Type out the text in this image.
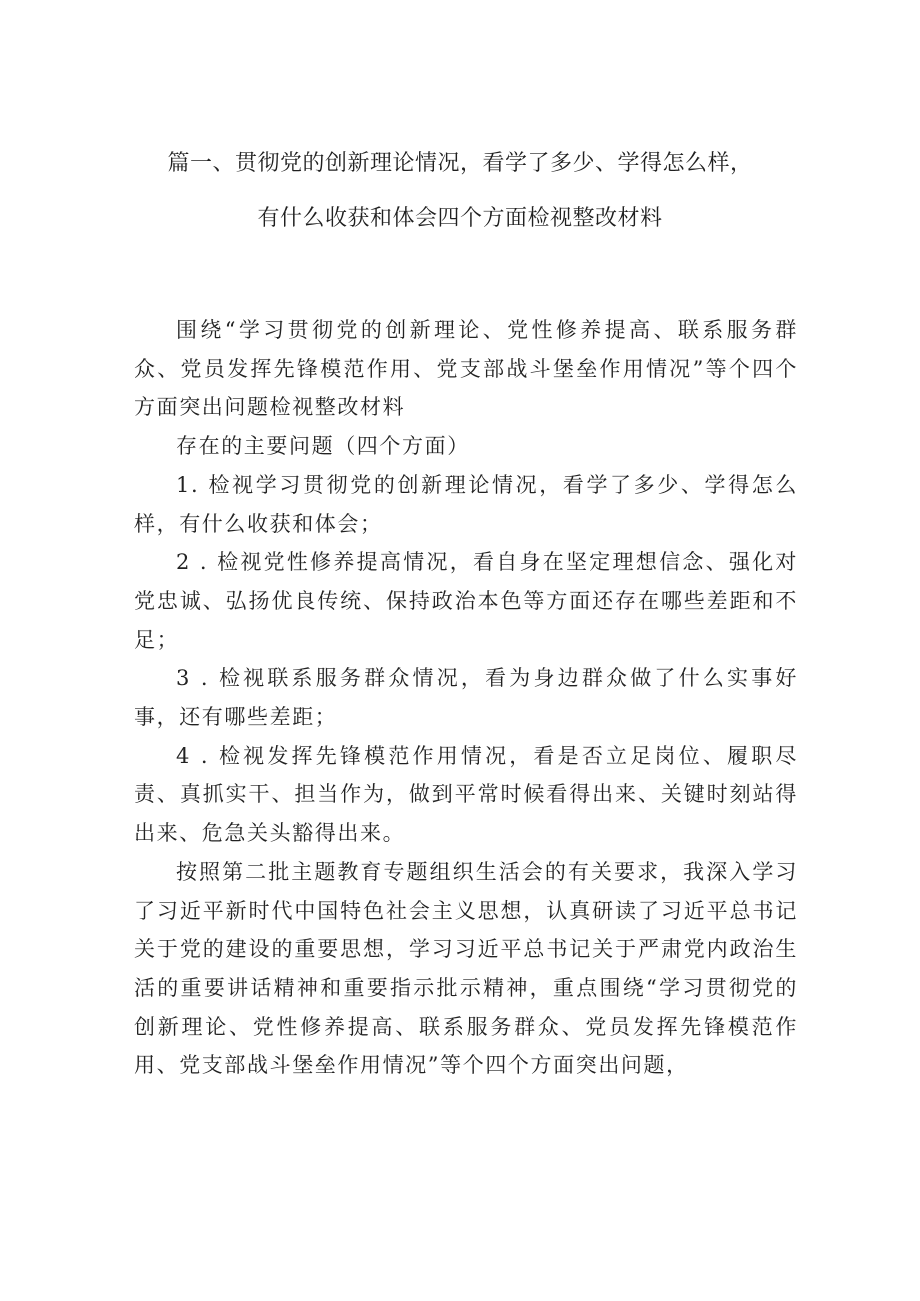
篇一、贯彻党的创新理论情况，看学了多少、学得怎么样，
有什么收获和体会四个方面检视整改材料

围绕“学习贯彻党的创新理论、党性修养提高、联系服务群众、党员发挥先锋模范作用、党支部战斗堡垒作用情况”等个四个方面突出问题检视整改材料

存在的主要问题（四个方面）

1. 检视学习贯彻党的创新理论情况，看学了多少、学得怎么样，有什么收获和体会；

2 . 检视党性修养提高情况，看自身在坚定理想信念、强化对党忠诚、弘扬优良传统、保持政治本色等方面还存在哪些差距和不足；

3 . 检视联系服务群众情况，看为身边群众做了什么实事好事，还有哪些差距；

4 . 检视发挥先锋模范作用情况，看是否立足岗位、履职尽责、真抓实干、担当作为，做到平常时候看得出来、关键时刻站得出来、危急关头豁得出来。

按照第二批主题教育专题组织生活会的有关要求，我深入学习了习近平新时代中国特色社会主义思想，认真研读了习近平总书记关于党的建设的重要思想，学习习近平总书记关于严肃党内政治生活的重要讲话精神和重要指示批示精神，重点围绕“学习贯彻党的创新理论、党性修养提高、联系服务群众、党员发挥先锋模范作用、党支部战斗堡垒作用情况”等个四个方面突出问题，
